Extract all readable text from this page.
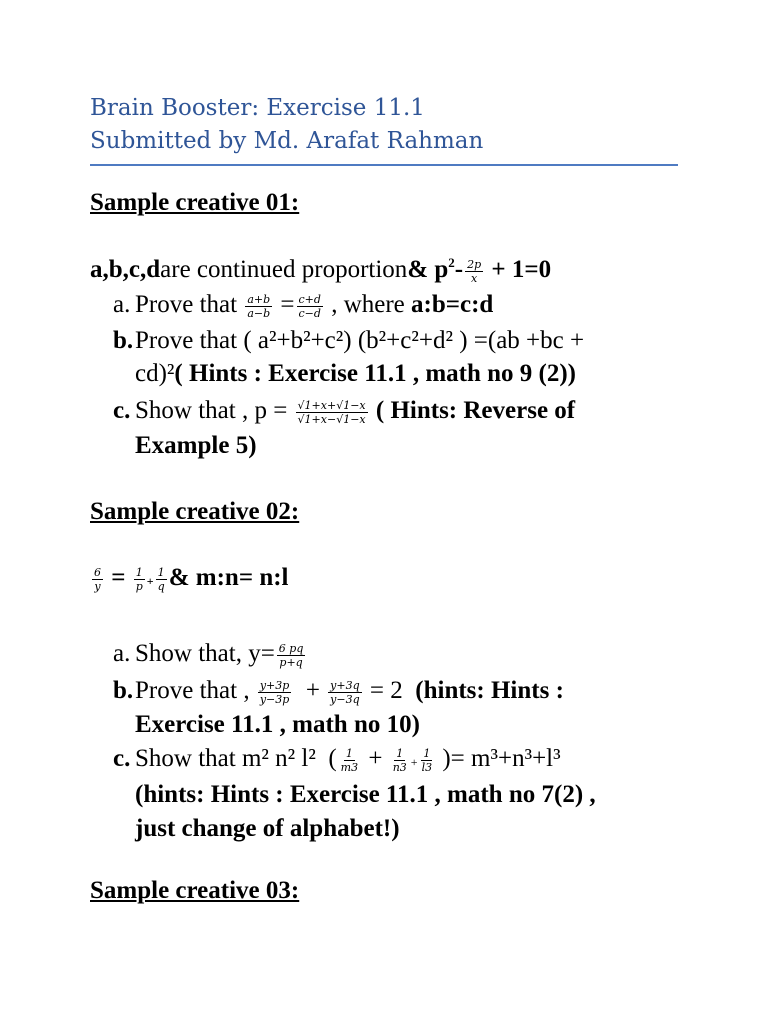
Brain Booster: Exercise 11.1
Submitted by Md. Arafat Rahman
Sample creative 01:
a,b,c,dare continued proportion& $p^2- \frac{2p}{x} + 1=0$
a. Prove that $\frac{a+b}{a-b} = \frac{c+d}{c-d}$ , where a:b=c:d
b.Prove that ( a²+b²+c²) (b²+c²+d² ) =(ab +bc +
cd)²( Hints : Exercise 11.1 , math no 9 (2))
c. Show that , $p = \frac{√1+x+√1-x}{√1+x-√1-x}$ ( Hints: Reverse of
Example 5)
Sample creative 02:
$\frac{6}{y} = \frac{1}{p} + \frac{1}{q}$ & m:n= n:l
a. Show that, $y= \frac{6 pq}{p+q}$
b.Prove that , $\frac{y+3p}{y-3p} + \frac{y+3q}{y-3q} = 2$  (hints: Hints :
Exercise 11.1 , math no 10)
c. Show that m² n² l²  ( $\frac{1}{m3} + \frac{1}{n3} + \frac{1}{l3}$ )= m³+n³+l³
(hints: Hints : Exercise 11.1 , math no 7(2) ,
just change of alphabet!)
Sample creative 03:
